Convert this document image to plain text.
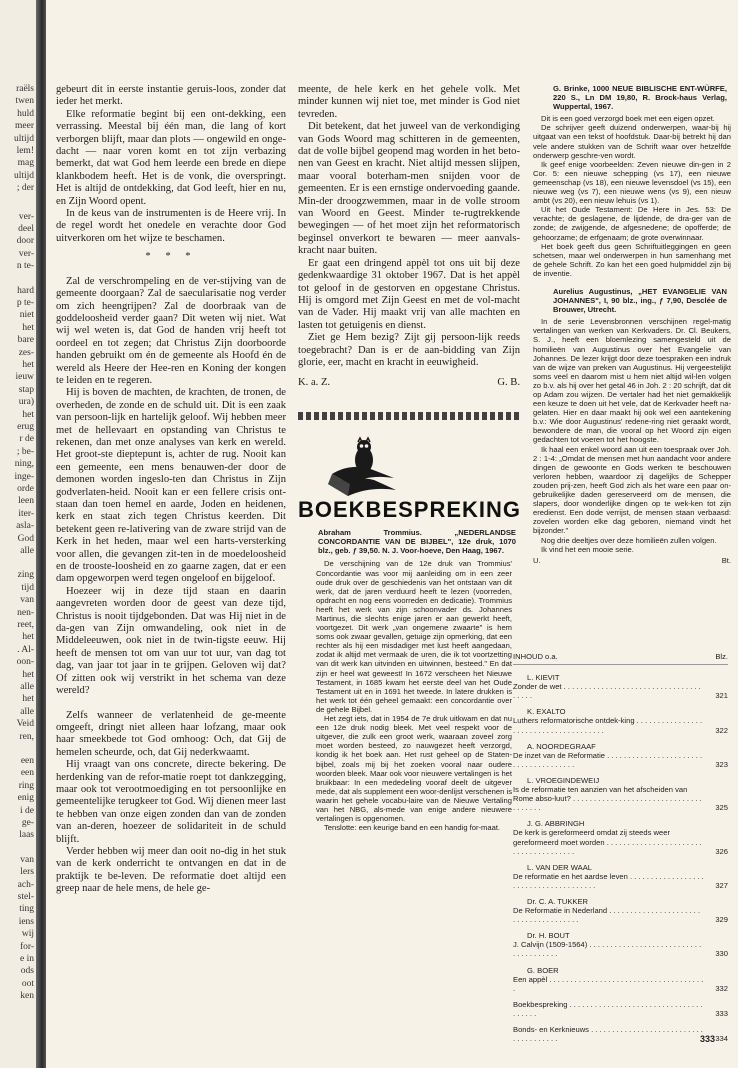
raëls
twen
huld
meer
ultijd
lem!
mag
ultijd
; der
ver-
deel
door
ver-
n te-
hard
p te-
niet
het
bare
zes-
het
ieuw
stap
ura)
het
erug
r de
; be-
ning,
inge-
orde
leen
iter-
asla-
God
alle
zing
tijd
van
nen-
reet,
het
. Al-
oon-
het
alle
het
alle
Veid
ren,
een
een
ring
enig
i de
ge-
laas
van
lers
ach-
stel-
ting
iens
wij
for-
e in
ods
oot
ken

gebeurt dit in eerste instantie geruis-loos, zonder dat ieder het merkt.

Elke reformatie begint bij een ont-dekking, een verrassing. Meestal bij één man, die lang of kort verborgen blijft, maar dan plots — ongewild en onge-dacht — naar voren komt en tot zijn verbazing bemerkt, dat wat God hem leerde een brede en diepe klankbodem heeft. Het is de vonk, die overspringt. Het is altijd de ontdekking, dat God leeft, hier en nu, en Zijn Woord opent.

In de keus van de instrumenten is de Heere vrij. In de regel wordt het onedele en verachte door God uitverkoren om het wijze te beschamen.

* * *

Zal de verschrompeling en de ver-stijving van de gemeente doorgaan? Zal de saecularisatie nog verder om zich heengrijpen? Zal de doorbraak van de goddeloosheid verder gaan? Dit weten wij niet. Wat wij wel weten is, dat God de handen vrij heeft tot oordeel en tot zegen; dat Christus Zijn doorboorde handen gebruikt om én de gemeente als Hoofd én de wereld als Heere der Hee-ren en Koning der kongen te leiden en te regeren.

Hij is boven de machten, de krachten, de tronen, de overheden, de zonde en de schuld uit. Dit is een zaak van persoon-lijk en hartelijk geloof. Wij hebben meer met de hellevaart en opstanding van Christus te rekenen, dan met onze analyses van kerk en wereld. Het groot-ste dieptepunt is, achter de rug. Nooit kan een gemeente, een mens benauwen-der door de demonen worden ingeslo-ten dan Christus in Zijn godverlaten-heid. Nooit kan er een fellere crisis ont-staan dan toen hemel en aarde, Joden en heidenen, kerk en staat zich tegen Christus keerden. Dit betekent geen re-lativering van de zware strijd van de Kerk in het heden, maar wel een harts-versterking voor allen, die gevangen zit-ten in de moedeloosheid en de trooste-loosheid en zo gaarne zagen, dat er een dam opgeworpen werd tegen ongeloof en bijgeloof.

Hoezeer wij in deze tijd staan en daarin aangevreten worden door de geest van deze tijd, Christus is nooit tijdgebonden. Dat was Hij niet in de da-gen van Zijn omwandeling, ook niet in de Middeleeuwen, ook niet in de twin-tigste eeuw. Hij heeft de mensen tot om van uur tot uur, van dag tot dag, van jaar tot jaar in te grijpen. Geloven wij dat? Of zitten ook wij verstrikt in het schema van deze wereld?

Zelfs wanneer de verlatenheid de ge-meente omgeeft, dringt niet alleen haar lofzang, maar ook haar smeekbede tot God omhoog: Och, dat Gij de hemelen scheurde, och, dat Gij nederkwaamt.

Hij vraagt van ons concrete, directe bekering. De herdenking van de refor-matie roept tot dankzegging, maar ook tot verootmoediging en tot persoonlijke en gemeentelijke terugkeer tot God. Wij dienen meer last te hebben van onze eigen zonden dan van de zonden van an-deren, hoezeer de solidariteit in de schuld blijft.

Verder hebben wij meer dan ooit no-dig in het stuk van de kerk onderricht te ontvangen en dat in de praktijk te be-leven. De reformatie doet altijd een greep naar de hele mens, de hele ge-

meente, de hele kerk en het gehele volk. Met minder kunnen wij niet toe, met minder is God niet tevreden.

Dit betekent, dat het juweel van de verkondiging van Gods Woord mag schitteren in de gemeenten, dat de volle bijbel geopend mag worden in het beto-nen van Geest en kracht. Niet altijd messen slijpen, maar vooral boterham-men snijden voor de gemeenten. Er is een ernstige ondervoeding gaande. Min-der droogzwemmen, maar in de volle stroom van Woord en Geest. Minder te-rugtrekkende bewegingen — of het moet zijn het reformatorisch beginsel onverkort te bewaren — meer aanvals-kracht naar buiten.

Er gaat een dringend appèl tot ons uit bij deze gedenkwaardige 31 oktober 1967. Dat is het appèl tot geloof in de gestorven en opgestane Christus. Hij is omgord met Zijn Geest en met de vol-macht van de Vader. Hij maakt vrij van alle machten en lasten tot getuigenis en dienst.

Ziet ge Hem bezig? Zijt gij persoon-lijk reeds toegebracht? Dan is er de aan-bidding van Zijn glorie, eer, macht en kracht in eeuwigheid.

K. a. Z.	G. B.
BOEKBESPREKING
Abraham Trommius. „NEDERLANDSE CONCORDANTIE VAN DE BIJBEL", 12e druk, 1070 blz., geb. ƒ 39,50. N. J. Voor-hoeve, Den Haag, 1967.

De verschijning van de 12e druk van Trommius' Concordantie was voor mij aanleiding om in een zeer oude druk over de geschiedenis van het ontstaan van dit werk, dat de jaren verduurd heeft te lezen (voorreden, opdracht en nog eens voorreden en dedicatie). Trommius heeft het werk van zijn schoonvader ds. Johannes Martinus, die slechts enige jaren er aan gewerkt heeft, voortgezet. Dit werk „van ongemene zwaarte" is hem soms ook zwaar gevallen, getuige zijn opmerking, dat een rechter als hij een misdadiger met lust heeft aangedaan, zodat ik altijd met vermaak de uren, die ik tot voortzetting van dit werk kan uitvinden en uitwinnen, besteed." En dat zijn er heel wat geweest! In 1672 verscheen het Nieuwe Testament, in 1685 kwam het eerste deel van het Oude Testament uit en in 1691 het tweede. In latere drukken is het werk tot één geheel gemaakt: een concordantie over de gehele Bijbel.

Het zegt iets, dat in 1954 de 7e druk uitkwam en dat nu een 12e druk nodig bleek. Met veel respekt voor de uitgever, die zulk een groot werk, waaraan zoveel zorg moet worden besteed, zo nauwgezet heeft verzorgd, kondig ik het boek aan. Het rust geheel op de Staten-bijbel, zoals mij bij het zoeken vooral naar oudere woorden bleek. Maar ook voor nieuwere vertalingen is het bruikbaar: In een mededeling vooraf deelt de uitgever mede, dat als supplement een woor-denlijst verschenen is waarin het gehele vocabu-laire van de Nieuwe Vertaling van het NBG, als-mede van enige andere nieuwere vertalingen is opgenomen.

Tenslotte: een keurige band en een handig for-maat.

G. Brinke, 1000 NEUE BIBLISCHE ENT-WÜRFE, 220 S., Ln DM 19,80, R. Brock-haus Verlag, Wuppertal, 1967.

Dit is een goed verzorgd boek met een eigen opzet.

De schrijver geeft duizend onderwerpen, waar-bij hij uitgaat van een tekst of hoofdstuk. Daar-bij betrekt hij dan vele andere stukken van de Schrift waar over hetzelfde onderwerp geschre-ven wordt.

Ik geef enige voorbeelden: Zeven nieuwe din-gen in 2 Cor. 5: een nieuwe schepping (vs 17), een nieuwe gemeenschap (vs 18), een nieuwe levensdoel (vs 15), een nieuwe weg (vs 7), een nieuwe wens (vs 9), een nieuw ambt (vs 20), een nieuw lehuis (vs 1).

Uit het Oude Testament: De Here in Jes. 53: De verachte; de geslagene, de lijdende, de dra-ger van de zonde; de zwijgende, de afgesnedene; de opofferde; de gehoorzame; de erfgenaam; de grote overwinnaar.

Het boek geeft dus geen Schriftuitleggingen en geen schetsen, maar wel onderwerpen in hun samenhang met de gehele Schrift. Zo kan het een goed hulpmiddel zijn bij de inventie.

Aurelius Augustinus, „HET EVANGELIE VAN JOHANNES", I, 90 blz., ing., ƒ 7,90, Desclée de Brouwer, Utrecht.

In de serie Levensbronnen verschijnen regel-matig vertalingen van werken van Kerkvaders. Dr. Cl. Beukers, S. J., heeft een bloemlezing samengesteld uit de homilieën van Augustinus over het Evangelie van Johannes. De lezer krijgt door deze toespraken een indruk van de wijze van preken van Augustinus. Hij vergeestelijkt soms veel en daarom mist u hem niet altijd wil-len volgen zo b.v. als hij over het getal 46 in Joh. 2 : 20 schrijft, dat dit op Adam zou wijzen. De vertaler had het niet gemakkelijk een keuze te doen uit het vele, dat de Kerkvader heeft na-gelaten. Hier en daar maakt hij ook wel een aantekening b.v.: Wie door Augustinus' redene-ring niet geraakt wordt, bewondere de man, die vooral op het Woord zijn eigen gedachten tot voeren tot het hoogste.

Ik haal een enkel woord aan uit een toespraak over Joh. 2 : 1-4: „Omdat de mensen met hun aandacht voor andere dingen de gewoonte en Gods werken te beschouwen verloren hebben, waardoor zij dagelijks de Schepper zouden prij-zen, heeft God zich als het ware een paar on-gebruikelijke daden gereserveerd om de mensen, die slapers, door wonderlijke dingen op te wek-ken tot zijn eredienst. Een dode verrijst, de mensen staan verbaasd: zovelen worden elke dag geboren, niemand vindt het bijzonder."

Nog drie deeltjes over deze homilieën zullen volgen.

Ik vind het een mooie serie.

U.	Bt.
INHOUD o.a.	Blz.
L. KIEVIT
Zonder de wet . . .
321
K. EXALTO
Luthers reformatorische ontdek-king . . .
322
A. NOORDEGRAAF
De inzet van de Reformatie . . .
323
L. VROEGINDEWEIJ
Is de reformatie ten aanzien van het afscheiden van Rome abso-luut? . . .
325
J. G. ABBRINGH
De kerk is gereformeerd omdat zij steeds weer gereformeerd moet worden . . .
326
L. VAN DER WAAL
De reformatie en het aardse leven . . .
327
Dr. C. A. TUKKER
De Reformatie in Nederland . . .
329
Dr. H. BOUT
J. Calvijn (1509-1564) . . .
330
G. BOER
Een appèl . . .
332
Boekbespreking . . .
333
Bonds- en Kerknieuws . . .
334
333
